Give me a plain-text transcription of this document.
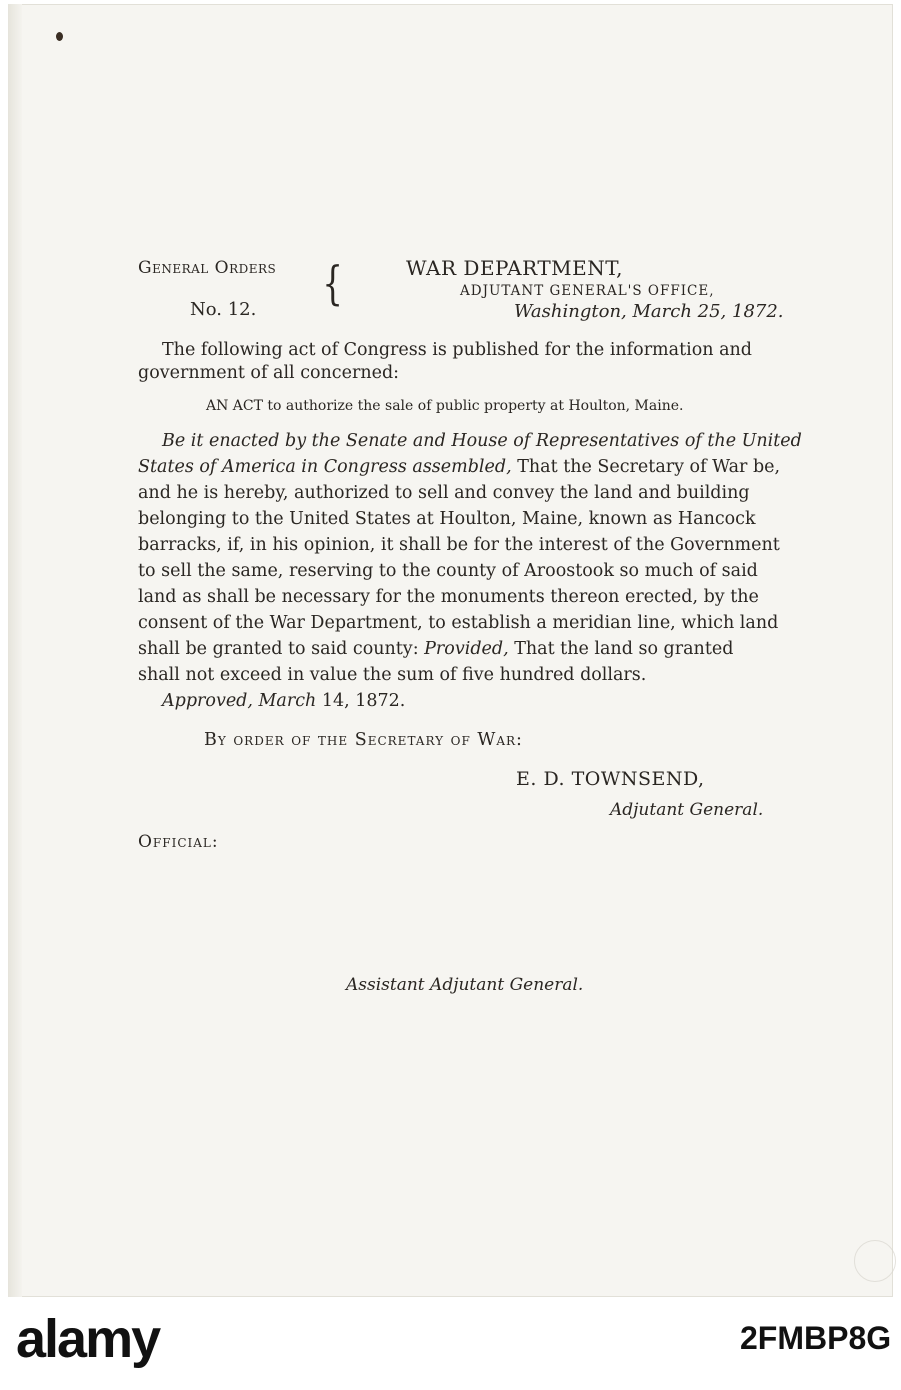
General Orders

No. 12. {	WAR DEPARTMENT,

ADJUTANT GENERAL'S OFFICE,

Washington, March 25, 1872.

The following act of Congress is published for the information and

government of all concerned:

AN ACT to authorize the sale of public property at Houlton, Maine.

Be it enacted by the Senate and House of Representatives of the United

States of America in Congress assembled, That the Secretary of War be,

and he is hereby, authorized to sell and convey the land and building

belonging to the United States at Houlton, Maine, known as Hancock

barracks, if, in his opinion, it shall be for the interest of the Government

to sell the same, reserving to the county of Aroostook so much of said

land as shall be necessary for the monuments thereon erected, by the

consent of the War Department, to establish a meridian line, which land

shall be granted to said county: Provided, That the land so granted

shall not exceed in value the sum of five hundred dollars.

Approved, March 14, 1872.

By order of the Secretary of War:

E. D. TOWNSEND,

Adjutant General.

Official:

Assistant Adjutant General.

alamy	2FMBP8G
